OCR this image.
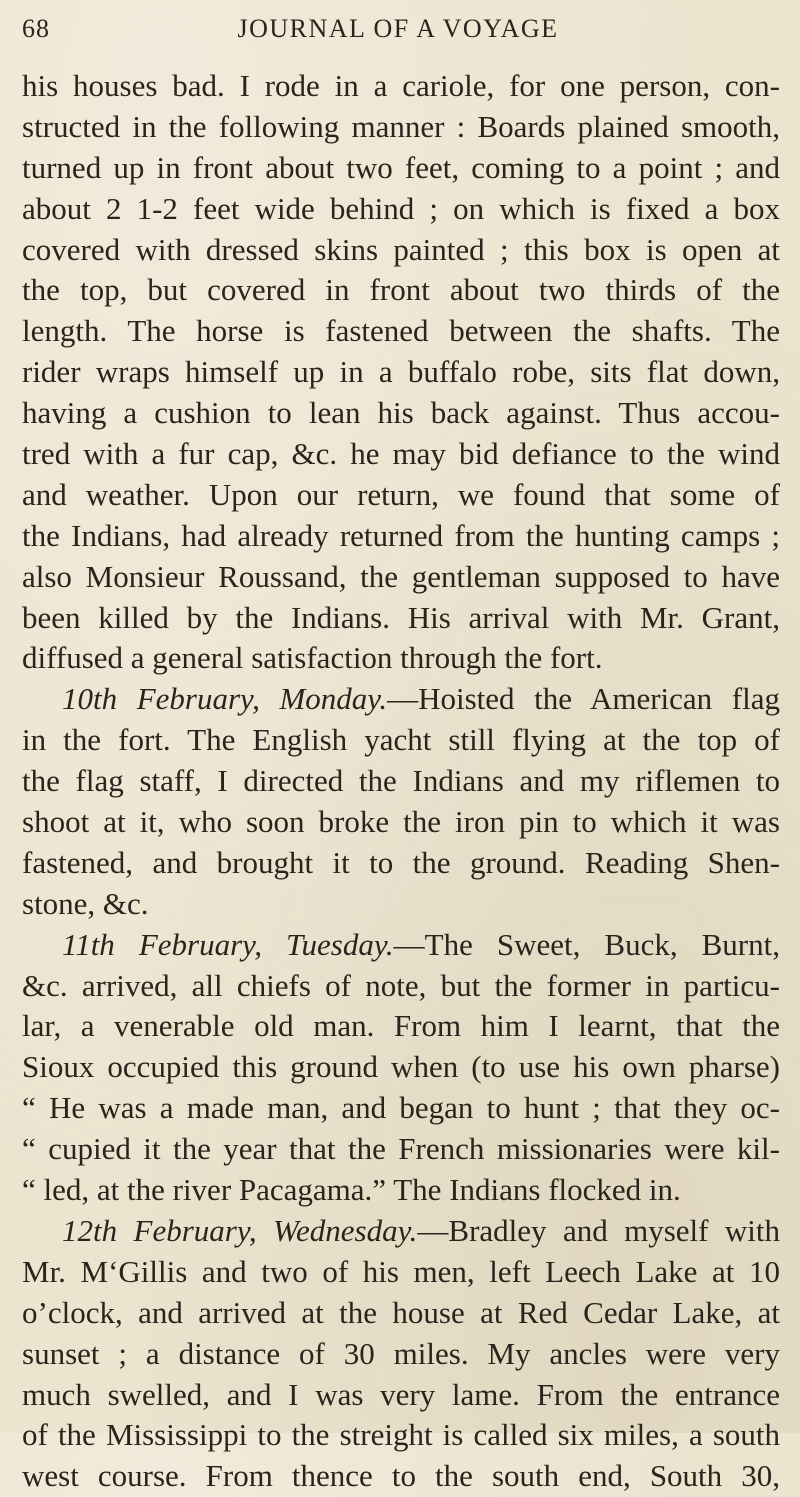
68	JOURNAL OF A VOYAGE
his houses bad. I rode in a cariole, for one person, con-
structed in the following manner : Boards plained smooth,
turned up in front about two feet, coming to a point ; and
about 2 1-2 feet wide behind ; on which is fixed a box
covered with dressed skins painted ; this box is open at
the top, but covered in front about two thirds of the
length. The horse is fastened between the shafts. The
rider wraps himself up in a buffalo robe, sits flat down,
having a cushion to lean his back against. Thus accou-
tred with a fur cap, &c. he may bid defiance to the wind
and weather. Upon our return, we found that some of
the Indians, had already returned from the hunting camps ;
also Monsieur Roussand, the gentleman supposed to have
been killed by the Indians. His arrival with Mr. Grant,
diffused a general satisfaction through the fort.
10th February, Monday.—Hoisted the American flag
in the fort. The English yacht still flying at the top of
the flag staff, I directed the Indians and my riflemen to
shoot at it, who soon broke the iron pin to which it was
fastened, and brought it to the ground. Reading Shen-
stone, &c.
11th February, Tuesday.—The Sweet, Buck, Burnt,
&c. arrived, all chiefs of note, but the former in particu-
lar, a venerable old man. From him I learnt, that the
Sioux occupied this ground when (to use his own pharse)
“ He was a made man, and began to hunt ; that they oc-
“ cupied it the year that the French missionaries were kil-
“ led, at the river Pacagama.” The Indians flocked in.
12th February, Wednesday.—Bradley and myself with
Mr. M‘Gillis and two of his men, left Leech Lake at 10
o’clock, and arrived at the house at Red Cedar Lake, at
sunset ; a distance of 30 miles. My ancles were very
much swelled, and I was very lame. From the entrance
of the Mississippi to the streight is called six miles, a south
west course. From thence to the south end, South 30,
